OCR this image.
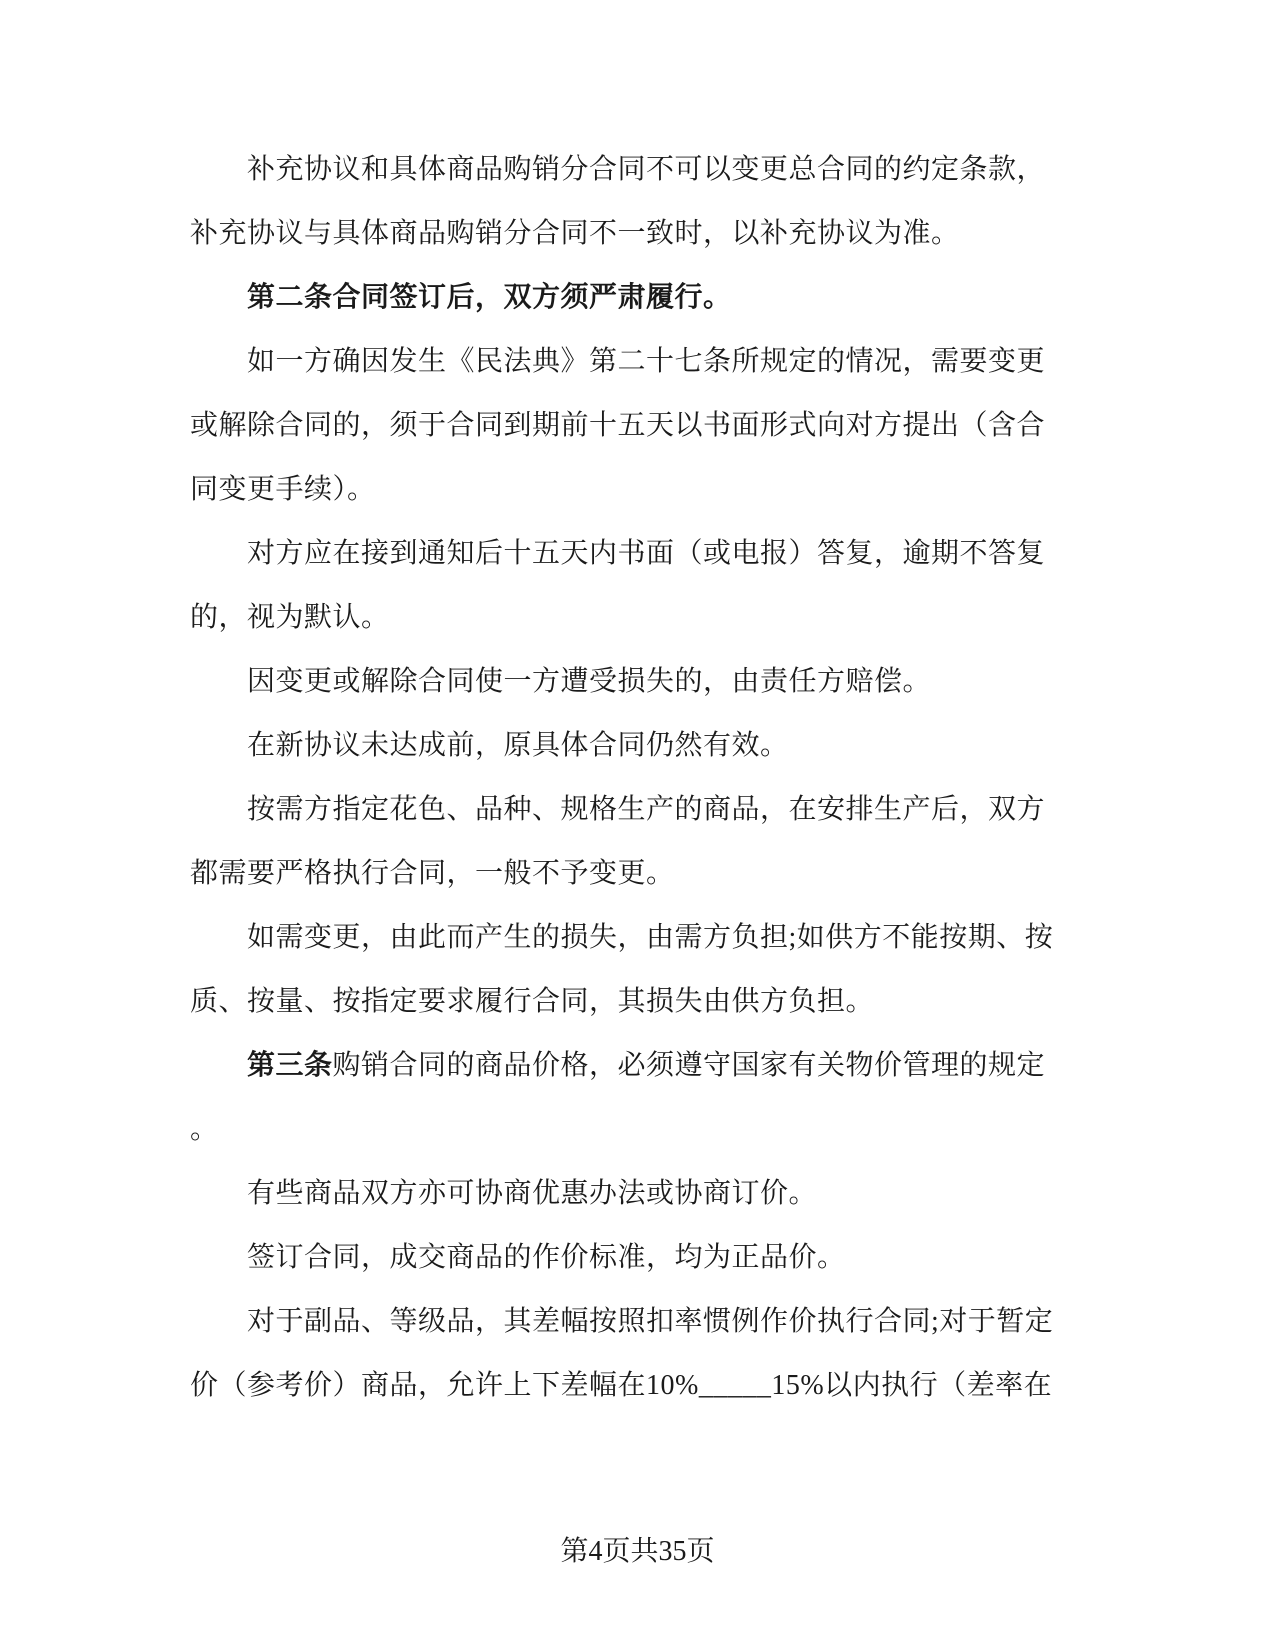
补充协议和具体商品购销分合同不可以变更总合同的约定条款，
补充协议与具体商品购销分合同不一致时，以补充协议为准。
第二条合同签订后，双方须严肃履行。
如一方确因发生《民法典》第二十七条所规定的情况，需要变更
或解除合同的，须于合同到期前十五天以书面形式向对方提出（含合
同变更手续）。
对方应在接到通知后十五天内书面（或电报）答复，逾期不答复
的，视为默认。
因变更或解除合同使一方遭受损失的，由责任方赔偿。
在新协议未达成前，原具体合同仍然有效。
按需方指定花色、品种、规格生产的商品，在安排生产后，双方
都需要严格执行合同，一般不予变更。
如需变更，由此而产生的损失，由需方负担;如供方不能按期、按
质、按量、按指定要求履行合同，其损失由供方负担。
第三条购销合同的商品价格，必须遵守国家有关物价管理的规定
。
有些商品双方亦可协商优惠办法或协商订价。
签订合同，成交商品的作价标准，均为正品价。
对于副品、等级品，其差幅按照扣率惯例作价执行合同;对于暂定
价（参考价）商品，允许上下差幅在10%_____15%以内执行（差率在
第4页共35页
